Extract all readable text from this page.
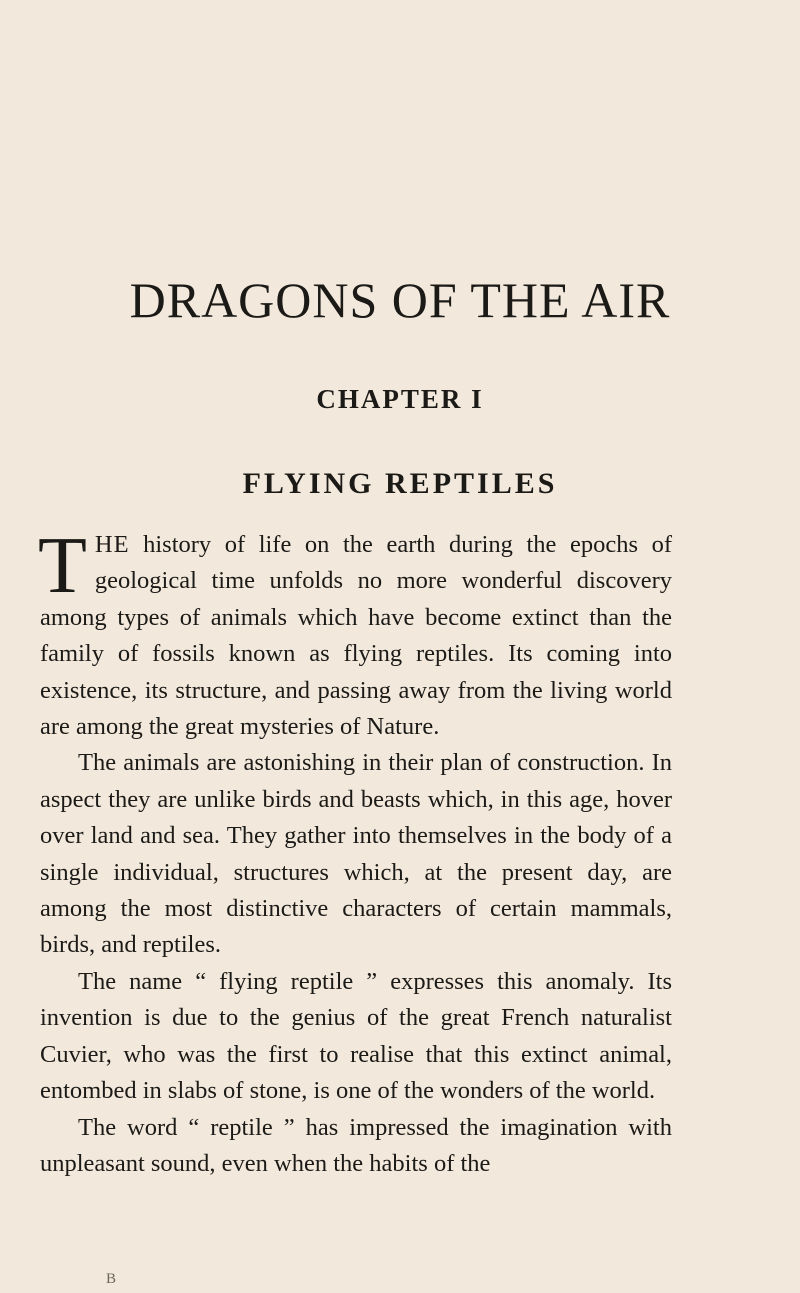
DRAGONS OF THE AIR
CHAPTER I
FLYING REPTILES

THE history of life on the earth during the epochs of geological time unfolds no more wonderful discovery among types of animals which have become extinct than the family of fossils known as flying reptiles. Its coming into existence, its structure, and passing away from the living world are among the great mysteries of Nature.

The animals are astonishing in their plan of construction. In aspect they are unlike birds and beasts which, in this age, hover over land and sea. They gather into themselves in the body of a single individual, structures which, at the present day, are among the most distinctive characters of certain mammals, birds, and reptiles.

The name “ flying reptile ” expresses this anomaly. Its invention is due to the genius of the great French naturalist Cuvier, who was the first to realise that this extinct animal, entombed in slabs of stone, is one of the wonders of the world.

The word “ reptile ” has impressed the imagination with unpleasant sound, even when the habits of the

B
